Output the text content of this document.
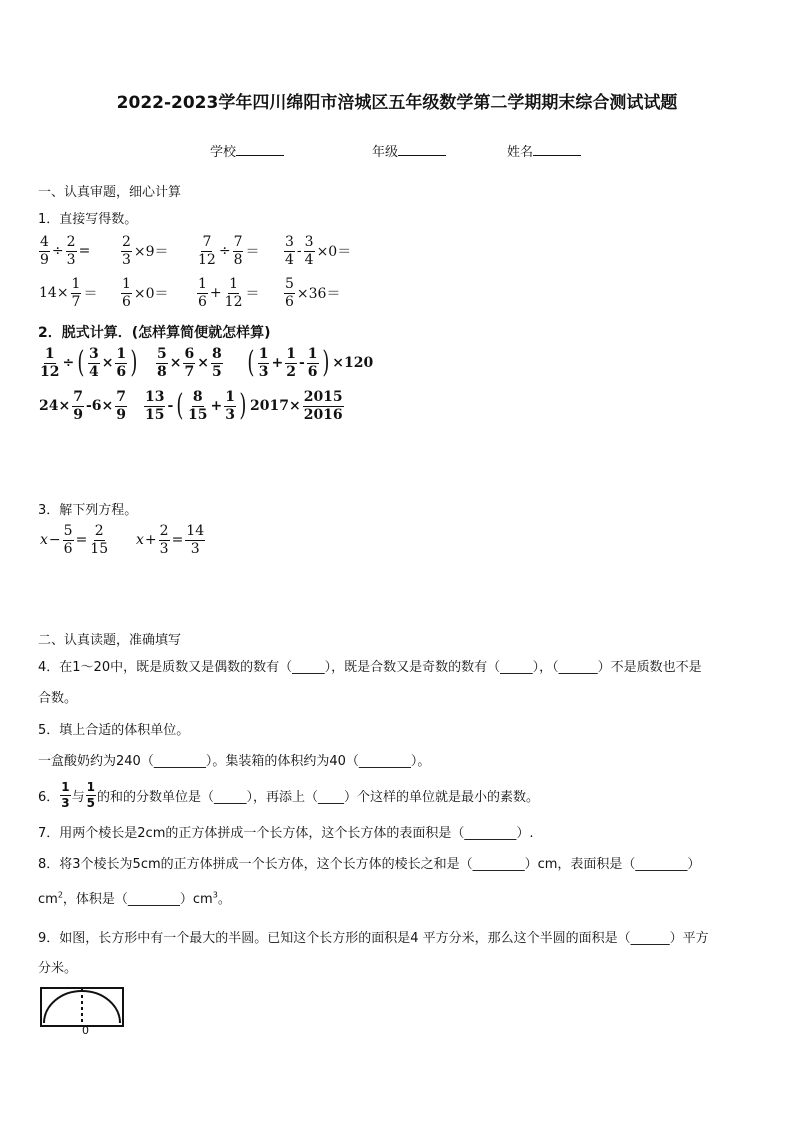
2022-2023学年四川绵阳市涪城区五年级数学第二学期期末综合测试试题
学校	年级	姓名
一、认真审题，细心计算
1．直接写得数。
$\frac{4}{9} \div \frac{2}{3} = \frac{2}{3} \times 9= \frac{7}{12} \div \frac{7}{8} = \frac{3}{4} - \frac{3}{4} \times 0=$
$14\times \frac{1}{7} = \frac{1}{6} \times 0= \frac{1}{6} + \frac{1}{12} = \frac{5}{6} \times 36=$
2．脱式计算．(怎样算简便就怎样算)
$\frac{1}{12}$ ÷ ( $\frac{3}{4} \times \frac{1}{6}$ ) $\frac{5}{8} \times \frac{6}{7} \times \frac{8}{5}$ ( $\frac{1}{3} + \frac{1}{2} - \frac{1}{6}$ ) ×120
$24\times \frac{7}{9} -6\times \frac{7}{9} \frac{13}{15}$ - ( $\frac{8}{15} + \frac{1}{3}$ ) $2017\times \frac{2015}{2016}$
3．解下列方程。
$x - \frac{5}{6} = \frac{2}{15}$ $x + \frac{2}{3} = \frac{14}{3}$
二、认真读题，准确填写
4．在1～20中，既是质数又是偶数的数有（_____），既是合数又是奇数的数有（_____），（______）不是质数也不是
合数。
5．填上合适的体积单位。
一盒酸奶约为240（________）。集装箱的体积约为40（________）。
6． $\frac{1}{3}$ 与 $\frac{1}{5}$ 的和的分数单位是（_____），再添上（____）个这样的单位就是最小的素数。
7．用两个棱长是2cm的正方体拼成一个长方体，这个长方体的表面积是（________）.
8．将3个棱长为5cm的正方体拼成一个长方体，这个长方体的棱长之和是（________）cm，表面积是（________）
$cm^2$，体积是$(\_\_\_\_\_\_\_\_)cm^3$。
9．如图，长方形中有一个最大的半圆。已知这个长方形的面积是4 平方分米，那么这个半圆的面积是（______）平方
分米。
0
